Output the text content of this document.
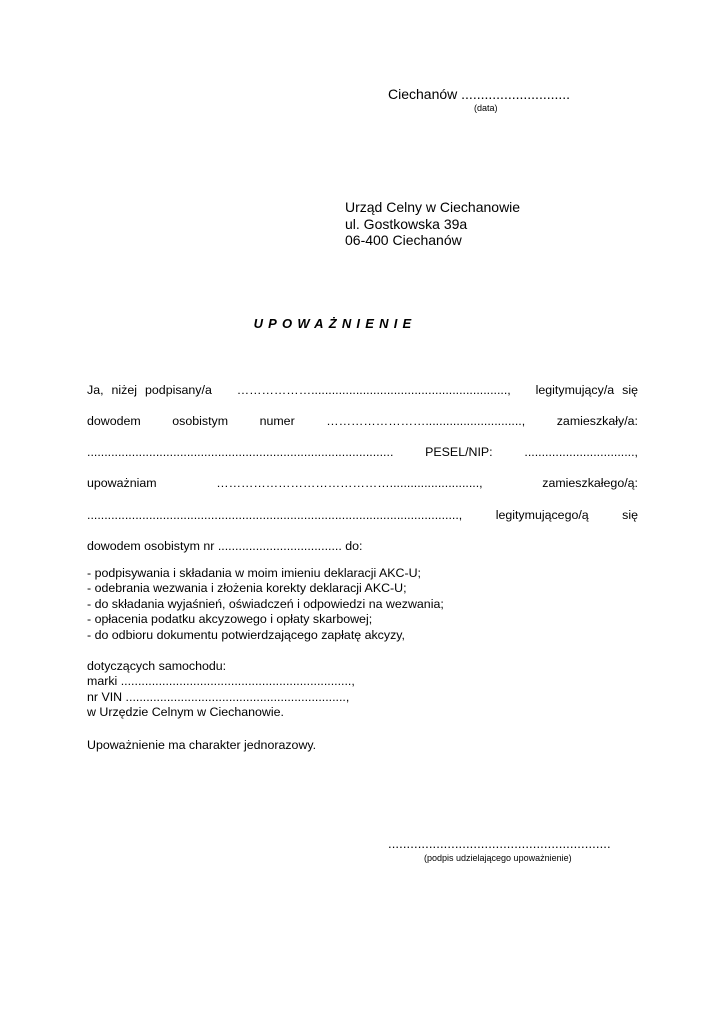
Ciechanów ............................
(data)
Urząd Celny w Ciechanowie
ul. Gostkowska 39a
06-400 Ciechanów
UPOWAŻNIENIE
Ja, niżej podpisany/a ………………........................................................., legitymujący/a się
dowodem	osobistym	numer	……………………............................,	zamieszkały/a:
.........................................................................................	PESEL/NIP:	................................,
upoważniam	……………………………………..........................,	zamieszkałego/ą:
............................................................................................................,	legitymującego/ą	się
dowodem osobistym nr .................................... do:
- podpisywania i składania w moim imieniu deklaracji AKC-U;
- odebrania wezwania i złożenia korekty deklaracji AKC-U;
- do składania wyjaśnień, oświadczeń i odpowiedzi na wezwania;
- opłacenia podatku akcyzowego i opłaty skarbowej;
- do odbioru dokumentu potwierdzającego zapłatę akcyzy,
dotyczących samochodu:
marki ...................................................................,
nr VIN ................................................................,
w Urzędzie Celnym w Ciechanowie.
Upoważnienie ma charakter jednorazowy.
............................................................
(podpis udzielającego upoważnienie)
